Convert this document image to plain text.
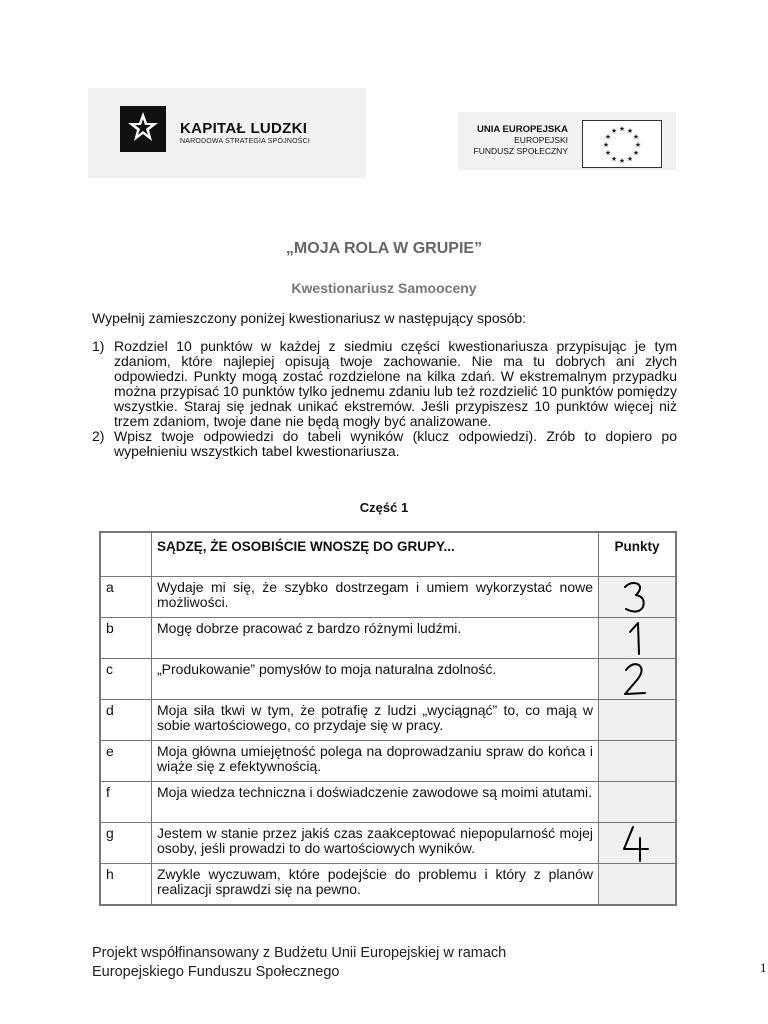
KAPITAŁ LUDZKI
NARODOWA STRATEGIA SPÓJNOŚCI
UNIA EUROPEJSKA
EUROPEJSKI
FUNDUSZ SPOŁECZNY
★ ★
★
★
★
★
★
★
★
★
★
★
„MOJA ROLA W GRUPIE”
Kwestionariusz Samooceny
Wypełnij zamieszczony poniżej kwestionariusz w następujący sposób:
1) Rozdziel 10 punktów w każdej z siedmiu części kwestionariusza przypisując je tym zdaniom, które najlepiej opisują twoje zachowanie. Nie ma tu dobrych ani złych odpowiedzi. Punkty mogą zostać rozdzielone na kilka zdań. W ekstremalnym przypadku można przypisać 10 punktów tylko jednemu zdaniu lub też rozdzielić 10 punktów pomiędzy wszystkie. Staraj się jednak unikać ekstremów. Jeśli przypiszesz 10 punktów więcej niż trzem zdaniom, twoje dane nie będą mogły być analizowane.
2) Wpisz twoje odpowiedzi do tabeli wyników (klucz odpowiedzi). Zrób to dopiero po wypełnieniu wszystkich tabel kwestionariusza.
Część 1
	SĄDZĘ, ŻE OSOBIŚCIE WNOSZĘ DO GRUPY...	Punkty
a	Wydaje mi się, że szybko dostrzegam i umiem wykorzystać nowe możliwości.	3

b	Mogę dobrze pracować z bardzo różnymi ludźmi.	1

c	„Produkowanie” pomysłów to moja naturalna zdolność.	2

d	Moja siła tkwi w tym, że potrafię z ludzi „wyciągnąć” to, co mają w sobie wartościowego, co przydaje się w pracy.	
e	Moja główna umiejętność polega na doprowadzaniu spraw do końca i wiąże się z efektywnością.	
f	Moja wiedza techniczna i doświadczenie zawodowe są moimi atutami.	
g	Jestem w stanie przez jakiś czas zaakceptować niepopularność mojej osoby, jeśli prowadzi to do wartościowych wyników.	4

h	Zwykle wyczuwam, które podejście do problemu i który z planów realizacji sprawdzi się na pewno.	
Projekt współfinansowany z Budżetu Unii Europejskiej w ramach
Europejskiego Funduszu Społecznego	1
